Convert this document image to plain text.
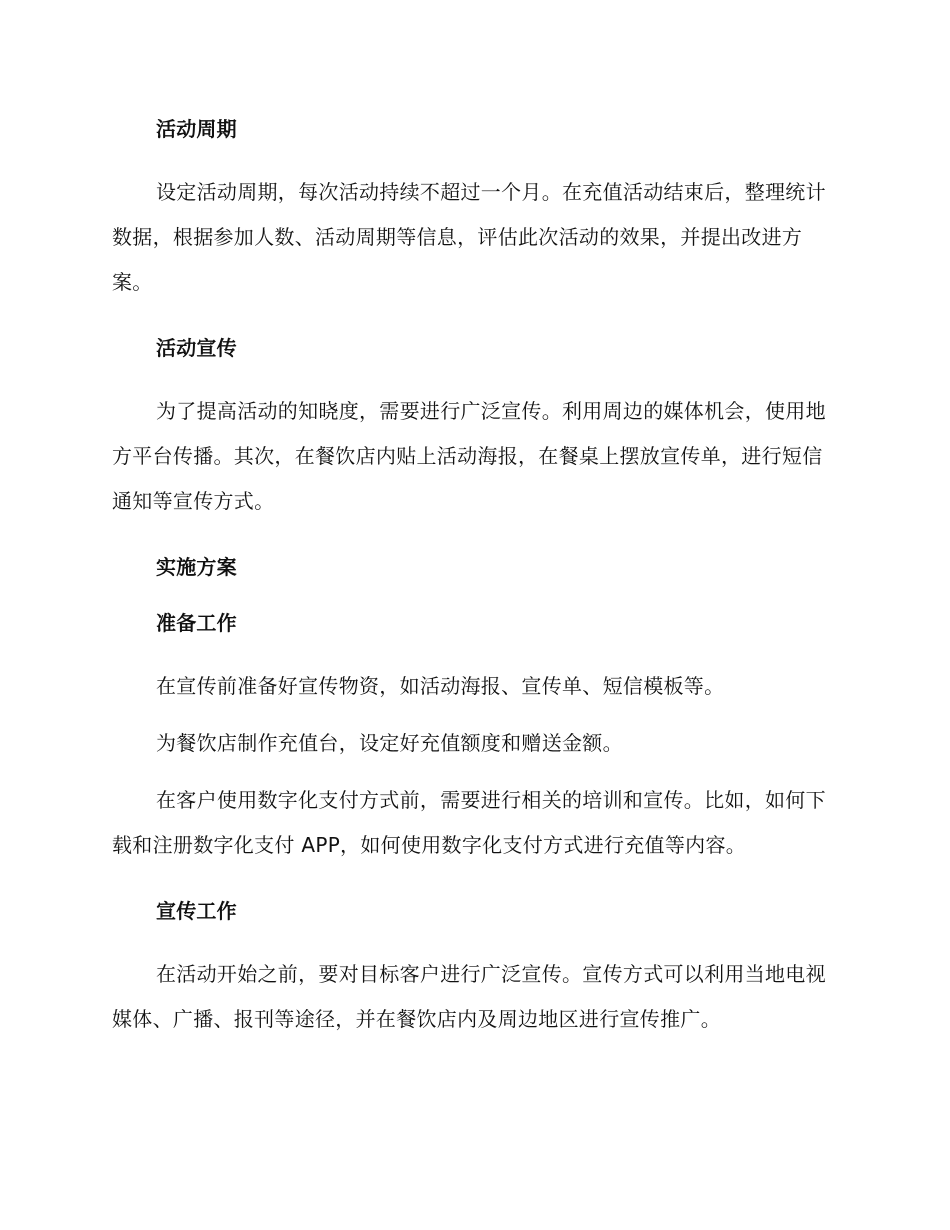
活动周期

设定活动周期，每次活动持续不超过一个月。在充值活动结束后，整理统计数据，根据参加人数、活动周期等信息，评估此次活动的效果，并提出改进方案。

活动宣传

为了提高活动的知晓度，需要进行广泛宣传。利用周边的媒体机会，使用地方平台传播。其次，在餐饮店内贴上活动海报，在餐桌上摆放宣传单，进行短信通知等宣传方式。

实施方案
准备工作

在宣传前准备好宣传物资，如活动海报、宣传单、短信模板等。

为餐饮店制作充值台，设定好充值额度和赠送金额。

在客户使用数字化支付方式前，需要进行相关的培训和宣传。比如，如何下载和注册数字化支付 APP，如何使用数字化支付方式进行充值等内容。

宣传工作

在活动开始之前，要对目标客户进行广泛宣传。宣传方式可以利用当地电视媒体、广播、报刊等途径，并在餐饮店内及周边地区进行宣传推广。
